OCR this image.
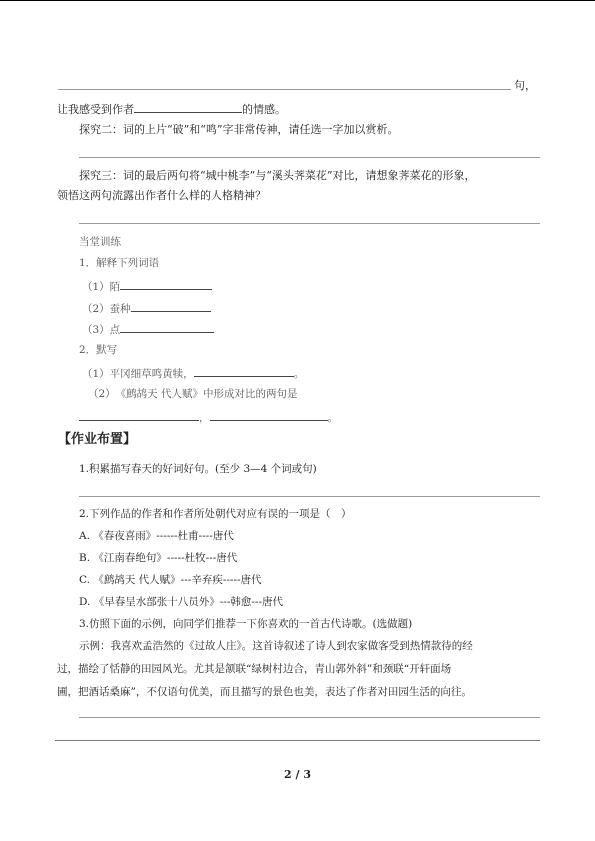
句，
让我感受到作者	的情感。
探究二：词的上片“破”和“鸣”字非常传神，请任选一字加以赏析。
探究三：词的最后两句将“城中桃李”与“溪头荠菜花”对比，请想象荠菜花的形象，
领悟这两句流露出作者什么样的人格精神？
当堂训练
1．解释下列词语
（1）陌
（2）蚕种
（3）点
2．默写
（1）平冈细草鸣黄犊，	。
（2）　《鹧鸪天 代人赋》中形成对比的两句是
，	。
【作业布置】
1.积累描写春天的好词好句。(至少 3—4 个词或句)
2.下列作品的作者和作者所处朝代对应有误的一项是（　）
A. 《春夜喜雨》------杜甫----唐代
B. 《江南春绝句》-----杜牧---唐代
C. 《鹧鸪天 代人赋》---辛弃疾-----唐代
D. 《早春呈水部张十八员外》---韩愈---唐代
3.仿照下面的示例，向同学们推荐一下你喜欢的一首古代诗歌。(选做题)
示例：我喜欢孟浩然的《过故人庄》。这首诗叙述了诗人到农家做客受到热情款待的经
过，描绘了恬静的田园风光。尤其是颔联“绿树村边合，青山郭外斜”和颈联“开轩面场
圃，把酒话桑麻”，不仅语句优美，而且描写的景色也美，表达了作者对田园生活的向往。
2 / 3
